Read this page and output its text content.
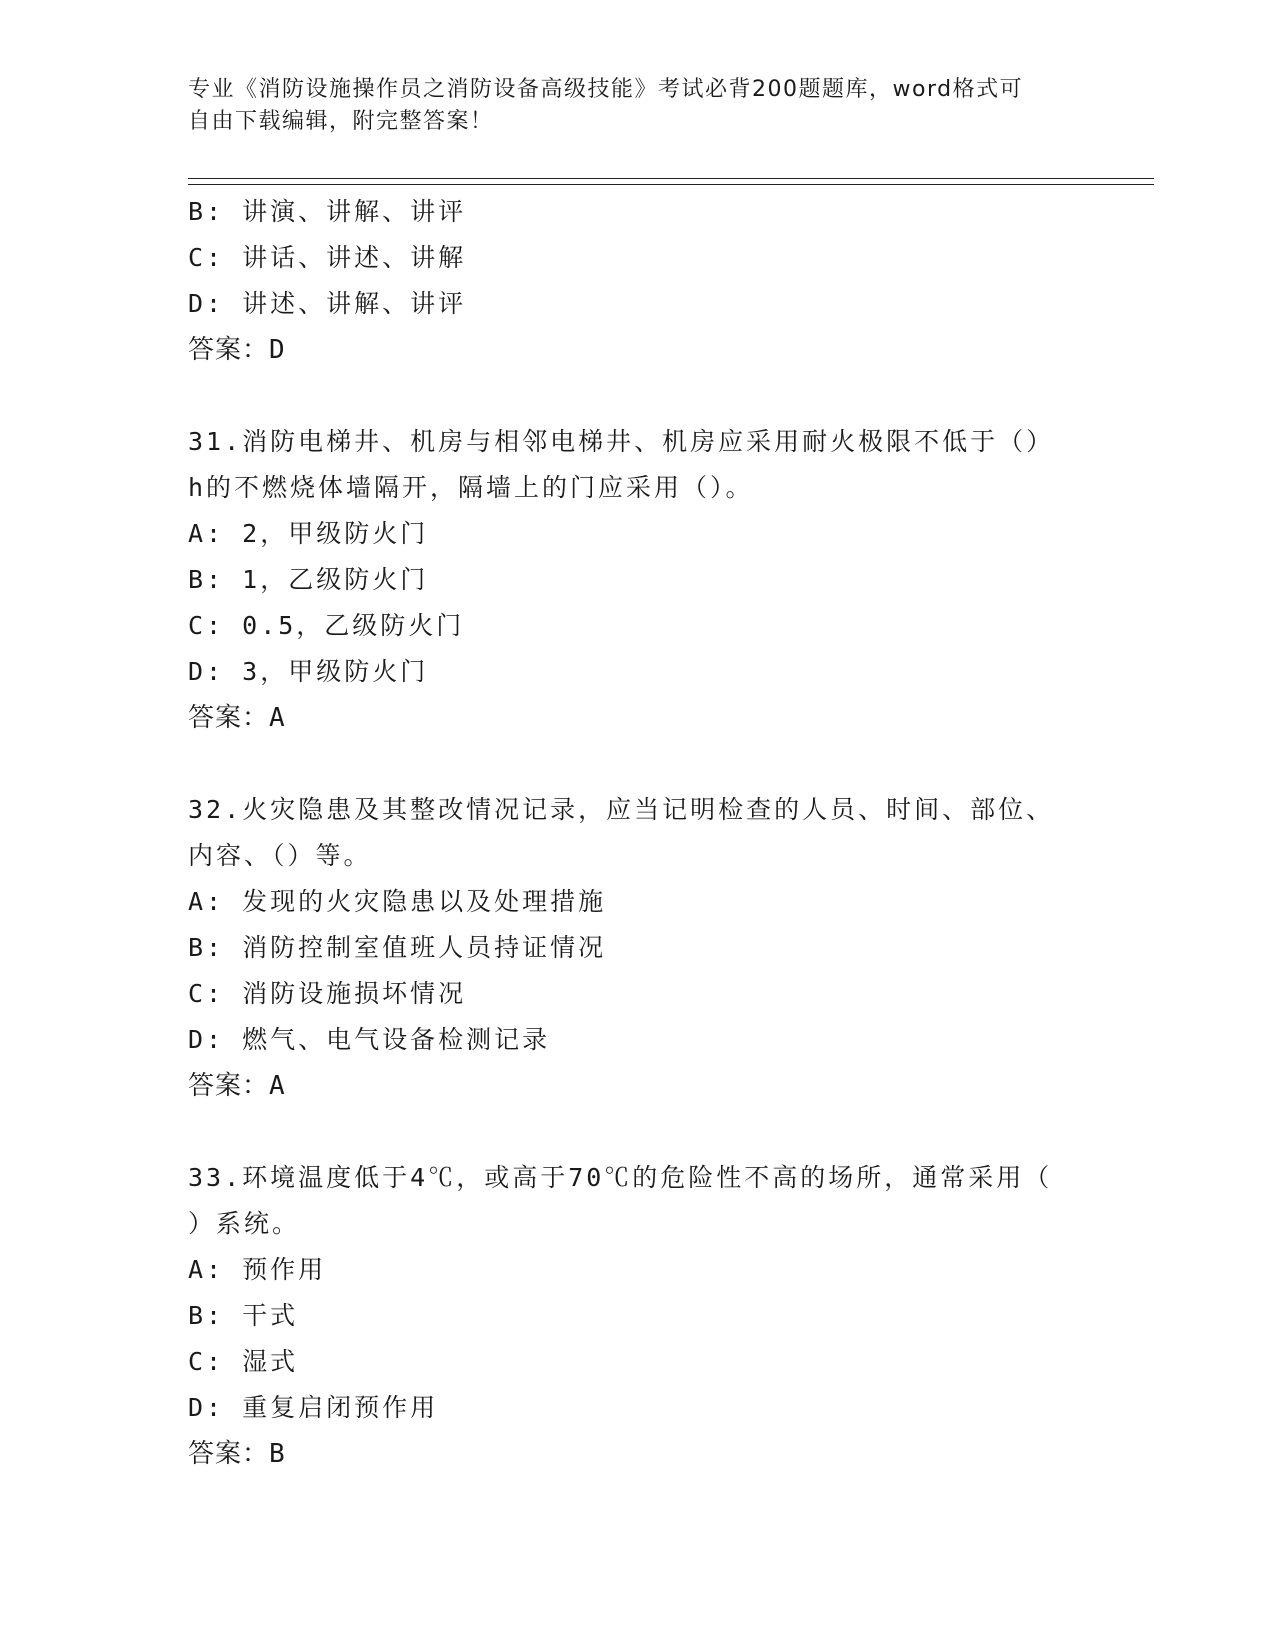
专业《消防设施操作员之消防设备高级技能》考试必背200题题库，word格式可
自由下载编辑，附完整答案！
B: 讲演、讲解、讲评
C: 讲话、讲述、讲解
D: 讲述、讲解、讲评
答案：D
31.消防电梯井、机房与相邻电梯井、机房应采用耐火极限不低于（）
h的不燃烧体墙隔开，隔墙上的门应采用（）。
A: 2，甲级防火门
B: 1，乙级防火门
C: 0.5，乙级防火门
D: 3，甲级防火门
答案：A
32.火灾隐患及其整改情况记录，应当记明检查的人员、时间、部位、
内容、（）等。
A: 发现的火灾隐患以及处理措施
B: 消防控制室值班人员持证情况
C: 消防设施损坏情况
D: 燃气、电气设备检测记录
答案：A
33.环境温度低于4℃，或高于70℃的危险性不高的场所，通常采用（
）系统。
A: 预作用
B: 干式
C: 湿式
D: 重复启闭预作用
答案：B
